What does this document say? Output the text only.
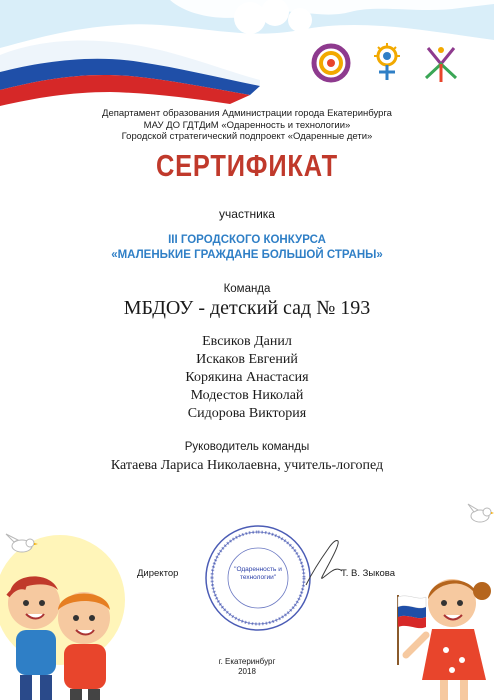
Департамент образования Администрации города Екатеринбурга
МАУ ДО ГДТДиМ «Одаренность и технологии»
Городской стратегический подпроект «Одаренные дети»
СЕРТИФИКАТ
участника
III ГОРОДСКОГО КОНКУРСА
«МАЛЕНЬКИЕ ГРАЖДАНЕ БОЛЬШОЙ СТРАНЫ»
Команда
МБДОУ - детский сад № 193
Евсиков Данил
Искаков Евгений
Корякина Анастасия
Модестов Николай
Сидорова Виктория
Руководитель команды
Катаева Лариса Николаевна, учитель-логопед
Директор	"Одаренность и технологии"	Т. В. Зыкова
г. Екатеринбург
2018
